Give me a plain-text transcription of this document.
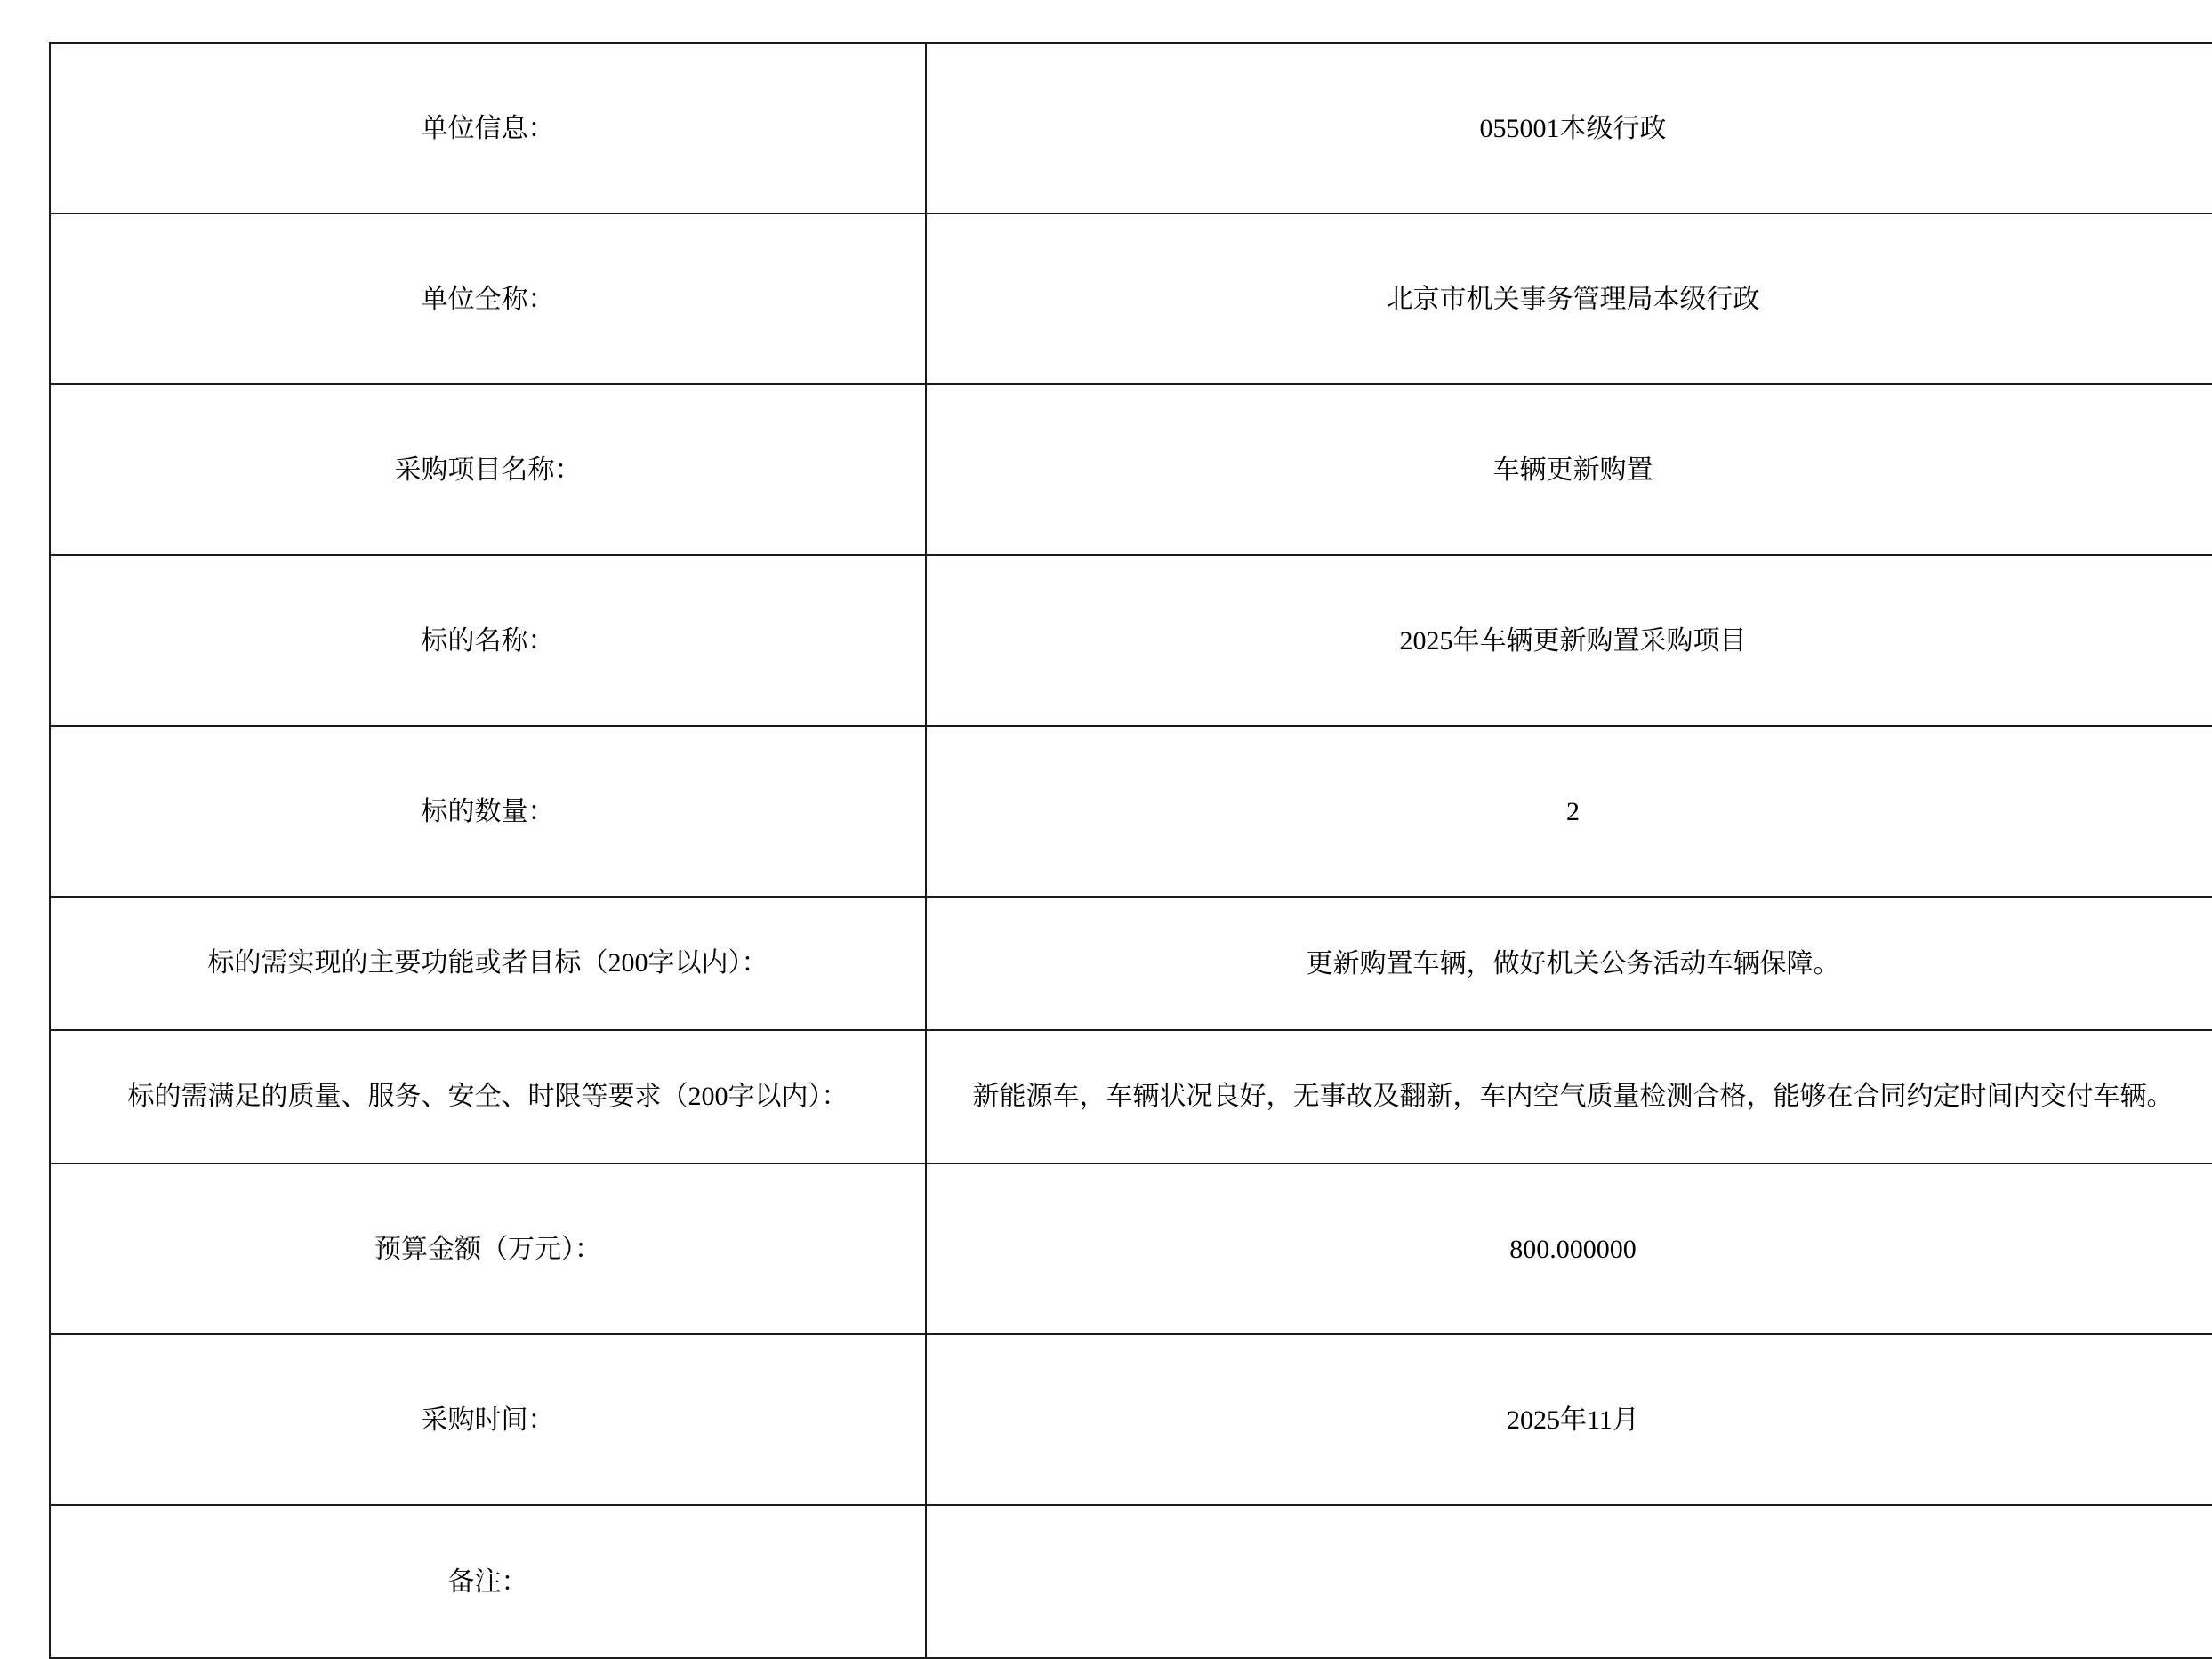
单位信息：	055001本级行政

单位全称：	北京市机关事务管理局本级行政

采购项目名称：	车辆更新购置

标的名称：	2025年车辆更新购置采购项目

标的数量：	2

标的需实现的主要功能或者目标（200字以内）：	更新购置车辆，做好机关公务活动车辆保障。

标的需满足的质量、服务、安全、时限等要求（200字以内）：	新能源车，车辆状况良好，无事故及翻新，车内空气质量检测合格，能够在合同约定时间内交付车辆。

预算金额（万元）：	800.000000

采购时间：	2025年11月

备注：	
